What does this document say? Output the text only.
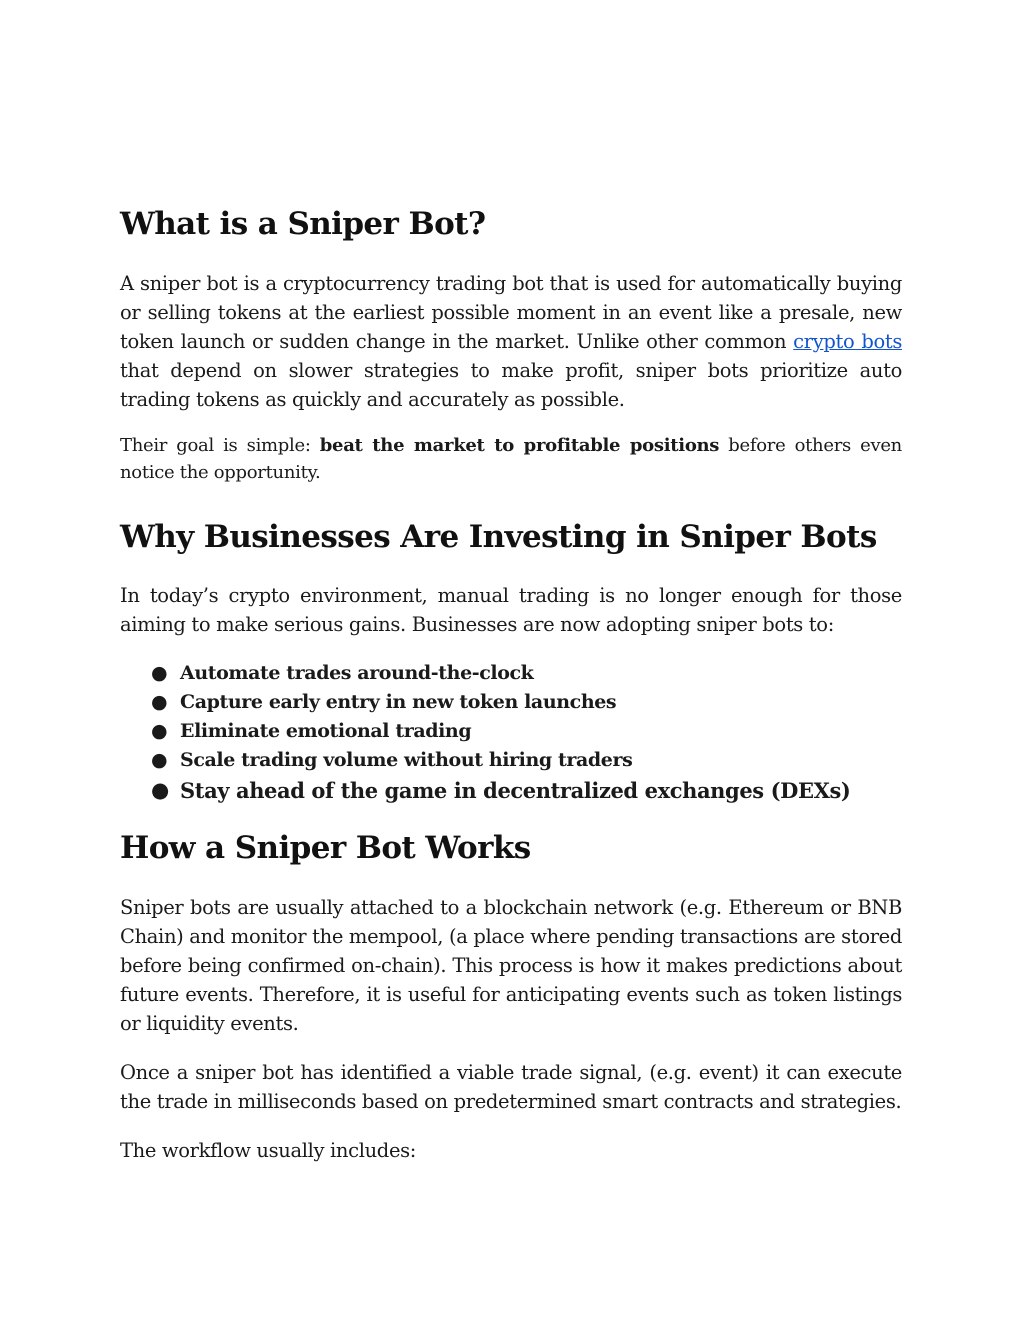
What is a Sniper Bot?

A sniper bot is a cryptocurrency trading bot that is used for automatically buying or selling tokens at the earliest possible moment in an event like a presale, new token launch or sudden change in the market. Unlike other common crypto bots that depend on slower strategies to make profit, sniper bots prioritize auto trading tokens as quickly and accurately as possible.

Their goal is simple: beat the market to profitable positions before others even notice the opportunity.

Why Businesses Are Investing in Sniper Bots

In today’s crypto environment, manual trading is no longer enough for those aiming to make serious gains. Businesses are now adopting sniper bots to:

● Automate trades around-the-clock
● Capture early entry in new token launches
● Eliminate emotional trading
● Scale trading volume without hiring traders
● Stay ahead of the game in decentralized exchanges (DEXs)
How a Sniper Bot Works

Sniper bots are usually attached to a blockchain network (e.g. Ethereum or BNB Chain) and monitor the mempool, (a place where pending transactions are stored before being confirmed on-chain). This process is how it makes predictions about future events. Therefore, it is useful for anticipating events such as token listings or liquidity events.

Once a sniper bot has identified a viable trade signal, (e.g. event) it can execute the trade in milliseconds based on predetermined smart contracts and strategies.

The workflow usually includes:
